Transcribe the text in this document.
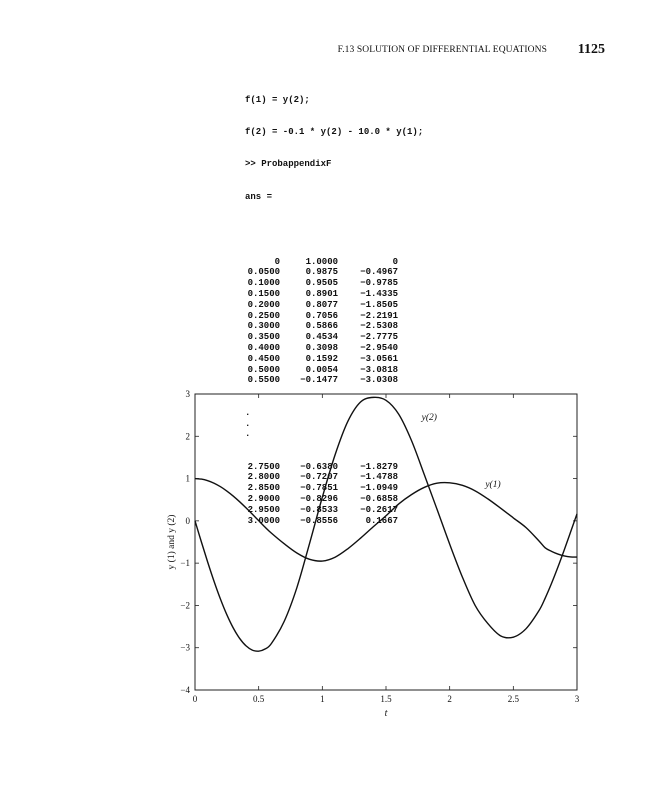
F.13 SOLUTION OF DIFFERENTIAL EQUATIONS 1125

f(1) = y(2);

f(2) = -0.1 * y(2) - 10.0 * y(1);

>> ProbappendixF

ans =

0	1.0000	0
0.0500	0.9875	−0.4967
0.1000	0.9505	−0.9785
0.1500	0.8901	−1.4335
0.2000	0.8077	−1.8505
0.2500	0.7056	−2.2191
0.3000	0.5866	−2.5308
0.3500	0.4534	−2.7775
0.4000	0.3098	−2.9540
0.4500	0.1592	−3.0561
0.5000	0.0054	−3.0818
0.5500	−0.1477	−3.0308

.
.
.

2.7500	−0.6380	−1.8279
2.8000	−0.7207	−1.4788
2.8500	−0.7851	−1.0949
2.9000	−0.8296	−0.6858
2.9500	−0.8533	−0.2617
3.0000	−0.8556	0.1667

0	0.5	1	1.5	2	2.5	3
−4
−3
−2
−1
0
1
2
3
t
y (1) and y (2)
y(2)
y(1)
